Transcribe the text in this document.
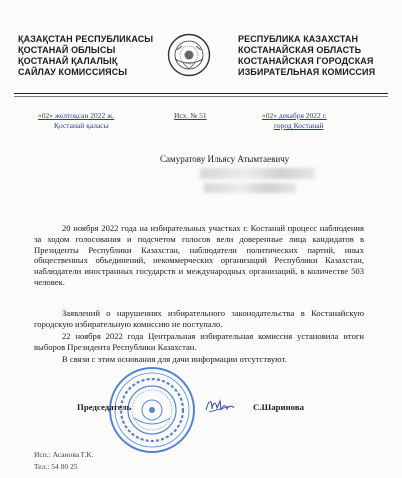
ҚАЗАҚСТАН РЕСПУБЛИКАСЫ
ҚОСТАНАЙ ОБЛЫСЫ
ҚОСТАНАЙ ҚАЛАЛЫҚ
САЙЛАУ КОМИССИЯСЫ
РЕСПУБЛИКА КАЗАХСТАН
КОСТАНАЙСКАЯ ОБЛАСТЬ
КОСТАНАЙСКАЯ ГОРОДСКАЯ
ИЗБИРАТЕЛЬНАЯ КОМИССИЯ
«02» желтоқсан 2022 ж.
Қостанай қаласы
Исх. № 51	«02» декабря 2022 г.
город Костанай
Самуратову Ильясу Атымтаевичу
20 ноября 2022 года на избирательных участках г. Костанай процесс наблюдения за ходом голосования и подсчетом голосов вели доверенные лица кандидатов в Президенты Республики Казахстан, наблюдатели политических партий, иных общественных объединений, некоммерческих организаций Республики Казахстан, наблюдатели иностранных государств и международных организаций, в количестве 503 человек.
Заявлений о нарушениях избирательного законодательства в Костанайскую городскую избирательную комиссию не поступало.
22 ноября 2022 года Центральная избирательная комиссия установила итоги выборов Президента Республики Казахстан.
В связи с этим основания для дачи информации отсутствуют.
Председатель	С.Шарипова
Исп.: Асанова Г.К.
Тел.: 54 00 25
